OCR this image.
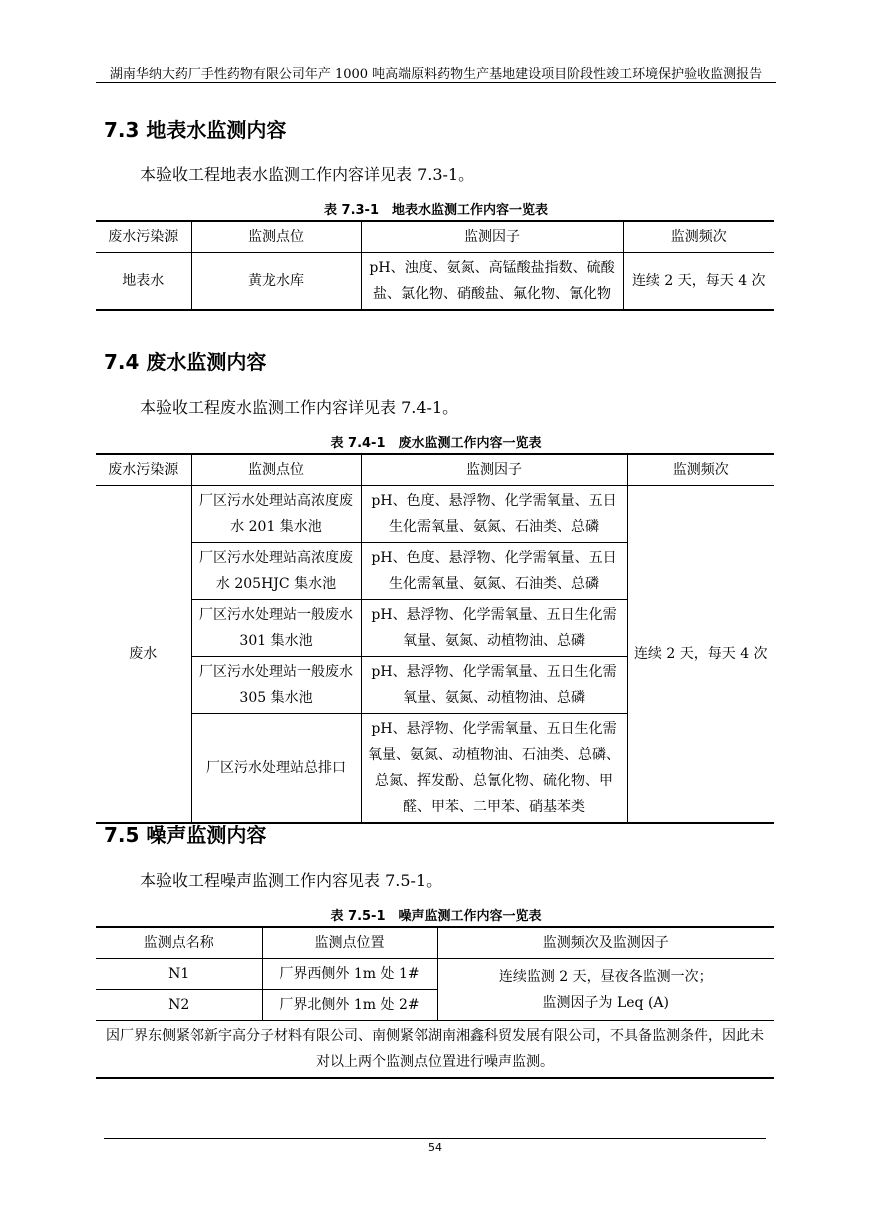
湖南华纳大药厂手性药物有限公司年产 1000 吨高端原料药物生产基地建设项目阶段性竣工环境保护验收监测报告
7.3 地表水监测内容

本验收工程地表水监测工作内容详见表 7.3-1。

表 7.3-1　地表水监测工作内容一览表
废水污染源	监测点位	监测因子	监测频次
地表水	黄龙水库	pH、浊度、氨氮、高锰酸盐指数、硫酸盐、氯化物、硝酸盐、氟化物、氰化物	连续 2 天，每天 4 次
7.4 废水监测内容

本验收工程废水监测工作内容详见表 7.4-1。

表 7.4-1　废水监测工作内容一览表
废水污染源	监测点位	监测因子	监测频次
废水	厂区污水处理站高浓度废水 201 集水池	pH、色度、悬浮物、化学需氧量、五日生化需氧量、氨氮、石油类、总磷	连续 2 天，每天 4 次
	厂区污水处理站高浓度废水 205HJC 集水池	pH、色度、悬浮物、化学需氧量、五日生化需氧量、氨氮、石油类、总磷	
	厂区污水处理站一般废水 301 集水池	pH、悬浮物、化学需氧量、五日生化需氧量、氨氮、动植物油、总磷	
	厂区污水处理站一般废水 305 集水池	pH、悬浮物、化学需氧量、五日生化需氧量、氨氮、动植物油、总磷	
	厂区污水处理站总排口	pH、悬浮物、化学需氧量、五日生化需氧量、氨氮、动植物油、石油类、总磷、总氮、挥发酚、总氰化物、硫化物、甲醛、甲苯、二甲苯、硝基苯类	
7.5 噪声监测内容

本验收工程噪声监测工作内容见表 7.5-1。

表 7.5-1　噪声监测工作内容一览表
监测点名称	监测点位置	监测频次及监测因子
N1	厂界西侧外 1m 处 1#	连续监测 2 天，昼夜各监测一次；
监测因子为 Leq (A)

N2	厂界北侧外 1m 处 2#	
因厂界东侧紧邻新宇高分子材料有限公司、南侧紧邻湖南湘鑫科贸发展有限公司，不具备监测条件，因此未对以上两个监测点位置进行噪声监测。		
54
